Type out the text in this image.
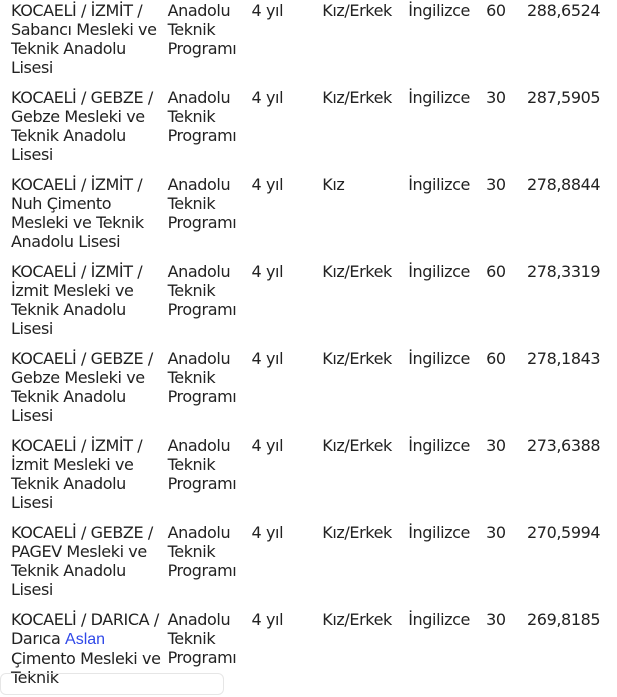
KOCAELİ / İZMİT / Sabancı Mesleki ve Teknik Anadolu Lisesi	Anadolu Teknik Programı	4 yıl	Kız/Erkek	İngilizce	60	288,6524
KOCAELİ / GEBZE / Gebze Mesleki ve Teknik Anadolu Lisesi	Anadolu Teknik Programı	4 yıl	Kız/Erkek	İngilizce	30	287,5905
KOCAELİ / İZMİT / Nuh Çimento Mesleki ve Teknik Anadolu Lisesi	Anadolu Teknik Programı	4 yıl	Kız	İngilizce	30	278,8844
KOCAELİ / İZMİT / İzmit Mesleki ve Teknik Anadolu Lisesi	Anadolu Teknik Programı	4 yıl	Kız/Erkek	İngilizce	60	278,3319
KOCAELİ / GEBZE / Gebze Mesleki ve Teknik Anadolu Lisesi	Anadolu Teknik Programı	4 yıl	Kız/Erkek	İngilizce	60	278,1843
KOCAELİ / İZMİT / İzmit Mesleki ve Teknik Anadolu Lisesi	Anadolu Teknik Programı	4 yıl	Kız/Erkek	İngilizce	30	273,6388
KOCAELİ / GEBZE / PAGEV Mesleki ve Teknik Anadolu Lisesi	Anadolu Teknik Programı	4 yıl	Kız/Erkek	İngilizce	30	270,5994
KOCAELİ / DARICA / Darıca Aslan Çimento Mesleki ve Teknik	Anadolu Teknik Programı	4 yıl	Kız/Erkek	İngilizce	30	269,8185
